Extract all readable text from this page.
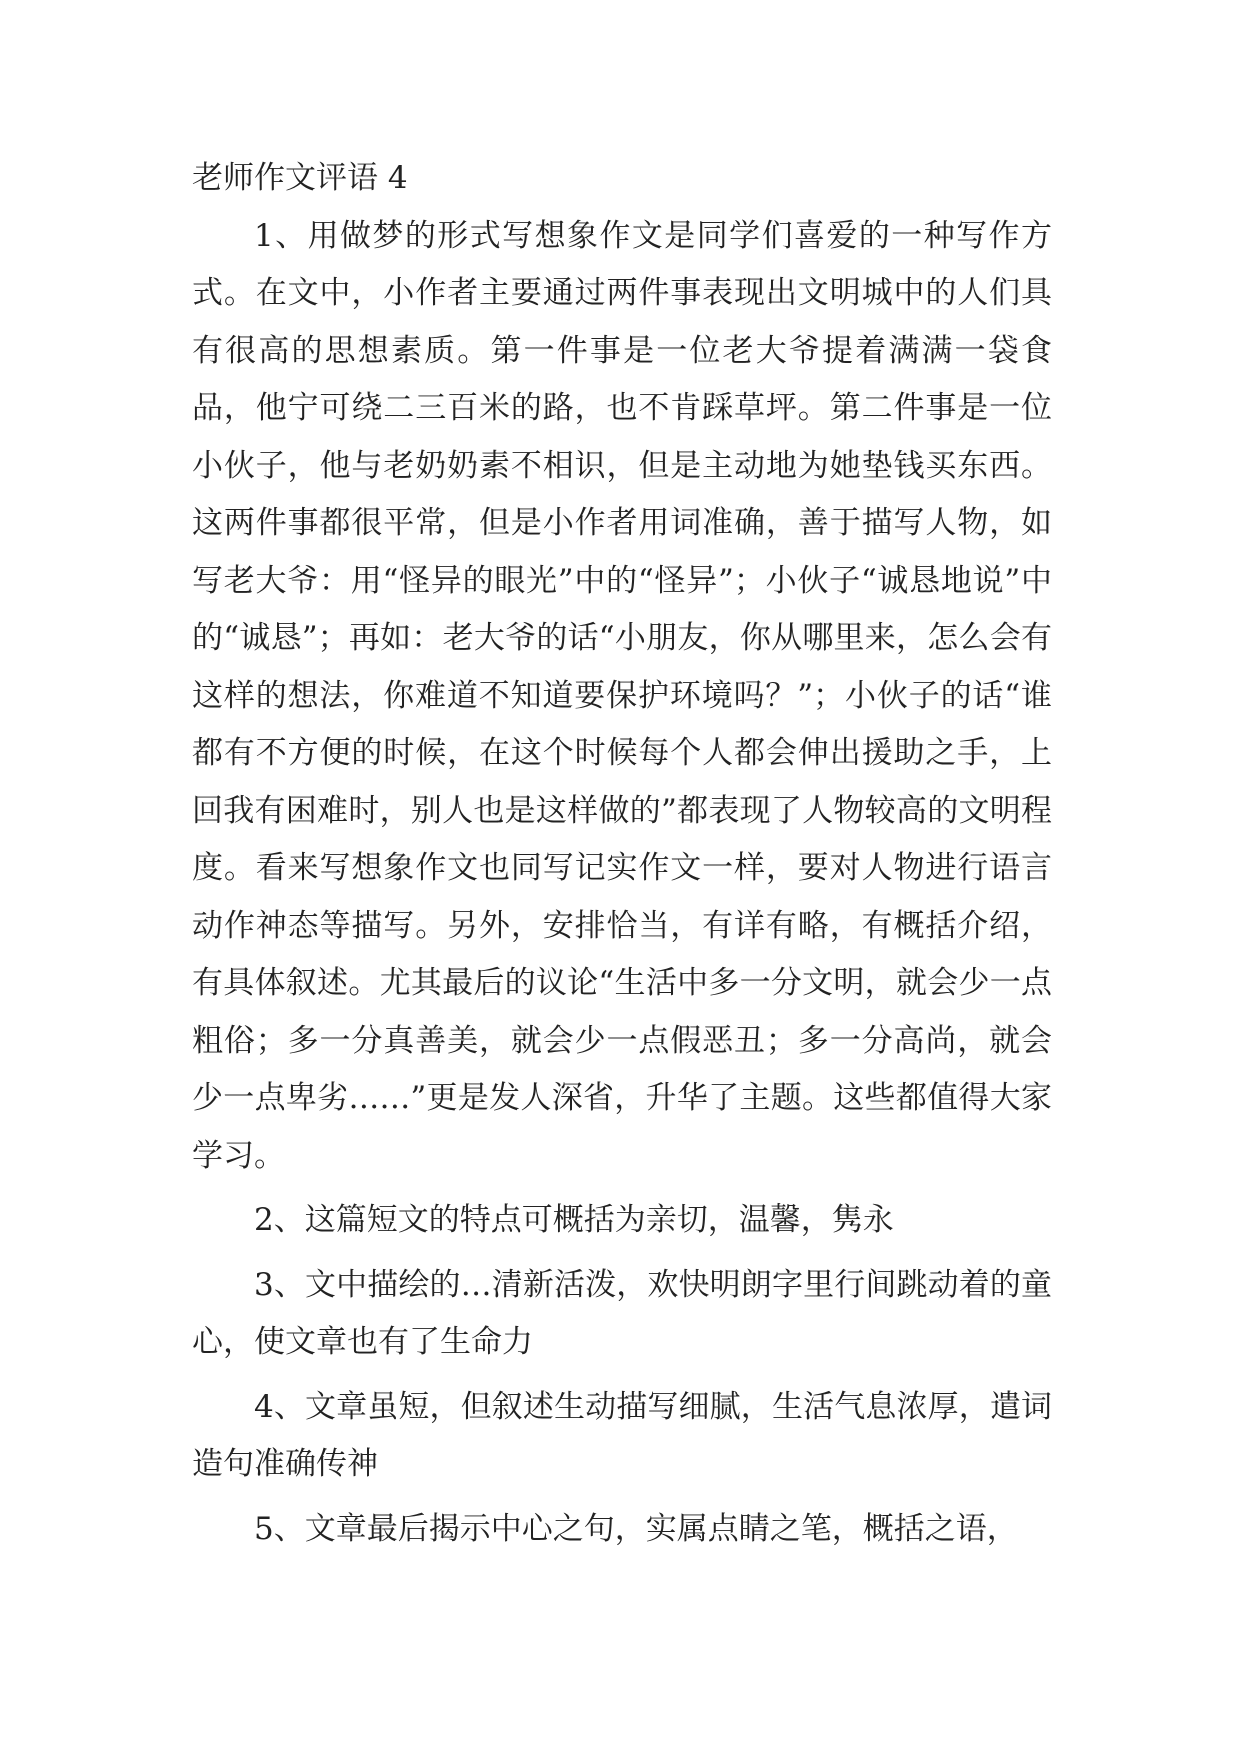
老师作文评语 4

1、用做梦的形式写想象作文是同学们喜爱的一种写作方式。在文中，小作者主要通过两件事表现出文明城中的人们具有很高的思想素质。第一件事是一位老大爷提着满满一袋食品，他宁可绕二三百米的路，也不肯踩草坪。第二件事是一位小伙子，他与老奶奶素不相识，但是主动地为她垫钱买东西。这两件事都很平常，但是小作者用词准确，善于描写人物，如写老大爷：用“怪异的眼光”中的“怪异”；小伙子“诚恳地说”中的“诚恳”；再如：老大爷的话“小朋友，你从哪里来，怎么会有这样的想法，你难道不知道要保护环境吗？”；小伙子的话“谁都有不方便的时候，在这个时候每个人都会伸出援助之手，上回我有困难时，别人也是这样做的”都表现了人物较高的文明程度。看来写想象作文也同写记实作文一样，要对人物进行语言动作神态等描写。另外，安排恰当，有详有略，有概括介绍，有具体叙述。尤其最后的议论“生活中多一分文明，就会少一点粗俗；多一分真善美，就会少一点假恶丑；多一分高尚，就会少一点卑劣……”更是发人深省，升华了主题。这些都值得大家学习。

2、这篇短文的特点可概括为亲切，温馨，隽永

3、文中描绘的…清新活泼，欢快明朗字里行间跳动着的童心，使文章也有了生命力

4、文章虽短，但叙述生动描写细腻，生活气息浓厚，遣词造句准确传神

5、文章最后揭示中心之句，实属点睛之笔，概括之语，
